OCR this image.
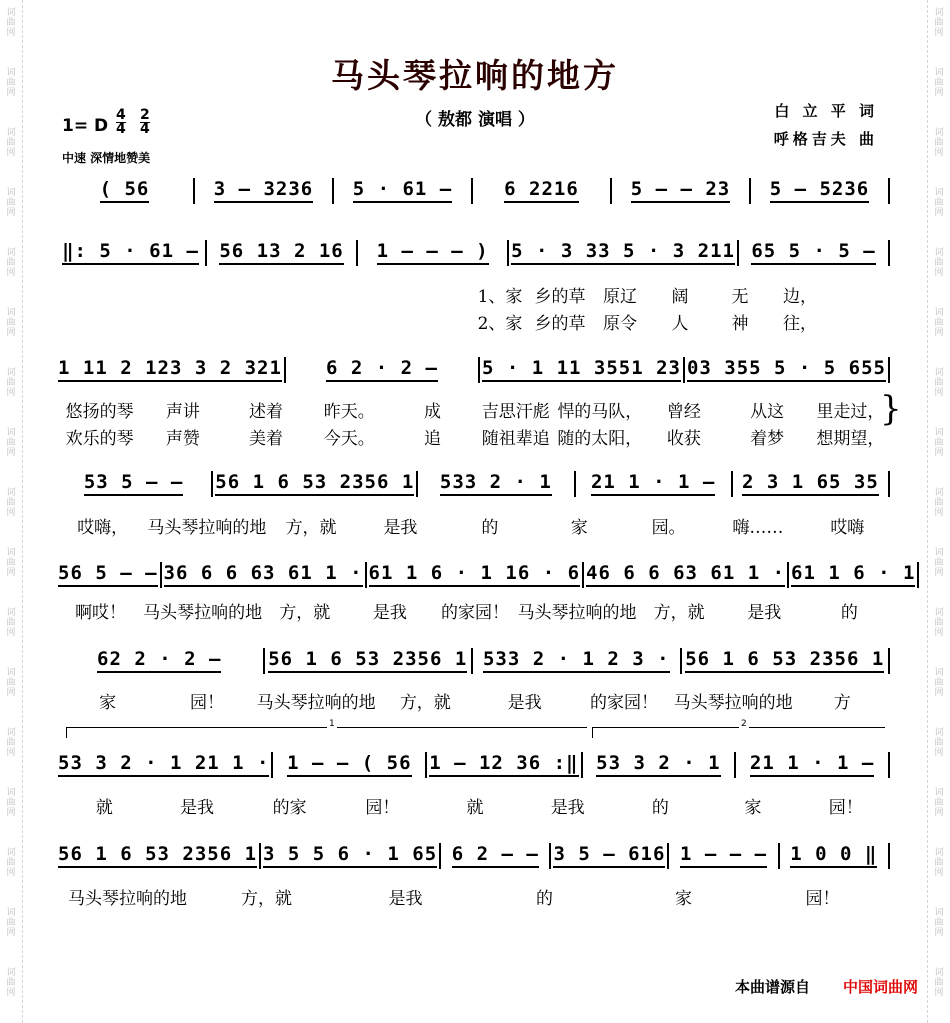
词
曲
网
词
曲
网
词
曲
网
词
曲
网
词
曲
网
词
曲
网
词
曲
网
词
曲
网
词
曲
网
词
曲
网
词
曲
网
词
曲
网
词
曲
网
词
曲
网
词
曲
网
词
曲
网
词
曲
网
词
曲
网
词
曲
网
词
曲
网
词
曲
网
词
曲
网
词
曲
网
词
曲
网
词
曲
网
词
曲
网
词
曲
网
词
曲
网
词
曲
网
词
曲
网
词
曲
网
词
曲
网
词
曲
网
词
曲
网
马头琴拉响的地方
（ 敖都 演唱 ）	白 立 平 词
呼格吉夫 曲
1= D
4
4
2
4
中速 深情地赞美
( 56	3 – 3236	5 · 61 –	6 2216	5 – – 23	5 – 5236
‖: 5 · 61 –	56 13 2 16	1 – – – )	5 · 3 33 5 · 3 211 65 5 · 5 –
1 11 2 123 3 2 321	6 2 · 2 –	5 · 1 11 3551 23 03 355 5 · 5 655
53 5 – –	56 1 6 53 2356 1	533 2 · 1	21 1 · 1 –	2 3 1 65 35
56 5 – – 36 6 6 63 61 1 · 61 1 6 · 1 16 · 6 46 6 6 63 61 1 · 61 1 6 · 1
62 2 · 2 –	56 1 6 53 2356 1 533 2 · 1 2 3 · 56 1 6 53 2356 1
53 3 2 · 1 21 1 · 1 – – ( 56 1 – 12 36 :‖ 53 3 2 · 1	21 1 · 1 –
56 1 6 53 2356 1 3 5 5 6 · 1 65 6 2 – – 3 5 – 616 1 – – –	1 0 0 ‖
1、家 乡的草	原辽	阔	无	边，
2、家 乡的草	原令	人	神	往，
悠扬的琴	声讲	述着	昨天。	成	吉思汗彪 悍的马队，	曾经	从这	里走过，
欢乐的琴	声赞	美着	今天。	追	随祖辈追 随的太阳，	收获	着梦	想期望，
哎嗨，	马头琴拉响的地	方，就	是我	的	家	园。	嗨……	哎嗨
啊哎！	马头琴拉响的地	方，就	是我	的家园！ 马头琴拉响的地	方，就	是我	的
家	园！	马头琴拉响的地	方，就	是我	的家园！ 马头琴拉响的地	方
就	是我	的家	园！	就	是我	的	家	园！
马头琴拉响的地	方，就	是我	的	家	园！
}
1	2
本曲谱源自 中国词曲网
